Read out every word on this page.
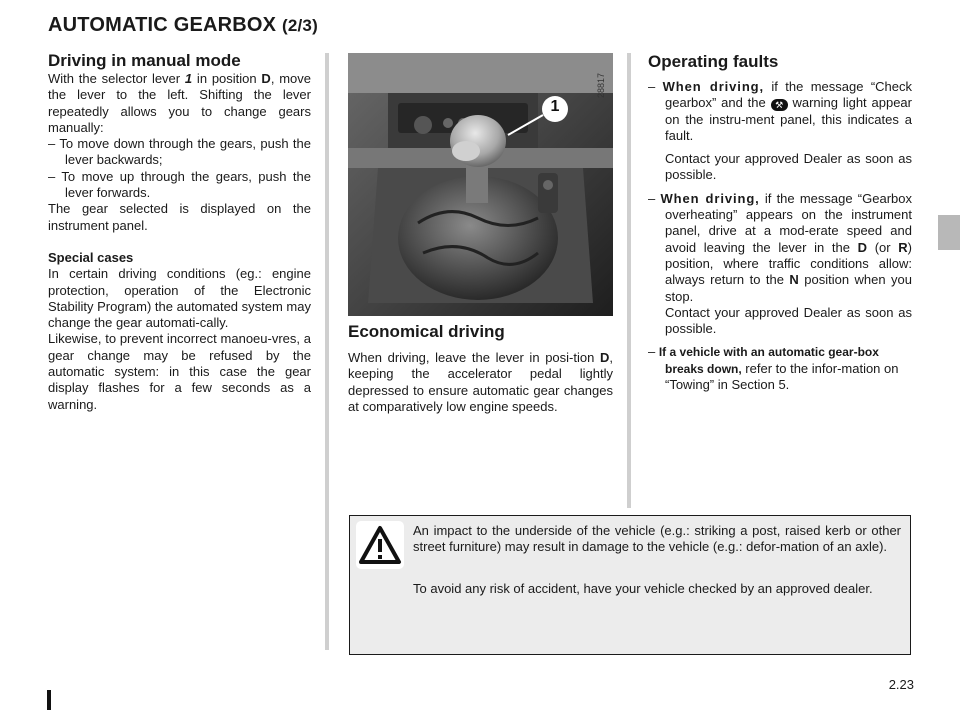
AUTOMATIC GEARBOX (2/3)
Driving in manual mode

With the selector lever 1 in position D, move the lever to the left. Shifting the lever repeatedly allows you to change gears manually:

– To move down through the gears, push the lever backwards;

– To move up through the gears, push the lever forwards.

The gear selected is displayed on the instrument panel.

Special cases

In certain driving conditions (eg.: engine protection, operation of the Electronic Stability Program) the automated system may change the gear automati-cally.

Likewise, to prevent incorrect manoeu-vres, a gear change may be refused by the automatic system: in this case the gear display flashes for a few seconds as a warning.

1
28817
Economical driving

When driving, leave the lever in posi-tion D, keeping the accelerator pedal lightly depressed to ensure automatic gear changes at comparatively low engine speeds.

Operating faults

– When driving, if the message “Check gearbox” and the ⚒ warning light appear on the instru-ment panel, this indicates a fault.

Contact your approved Dealer as soon as possible.

– When driving, if the message “Gearbox overheating” appears on the instrument panel, drive at a mod-erate speed and avoid leaving the lever in the D (or R) position, where traffic conditions allow: always return to the N position when you stop.

Contact your approved Dealer as soon as possible.

– If a vehicle with an automatic gear-box breaks down, refer to the infor-mation on “Towing” in Section 5.

An impact to the underside of the vehicle (e.g.: striking a post, raised kerb or other street furniture) may result in damage to the vehicle (e.g.: defor-mation of an axle).
To avoid any risk of accident, have your vehicle checked by an approved dealer.
2.23
